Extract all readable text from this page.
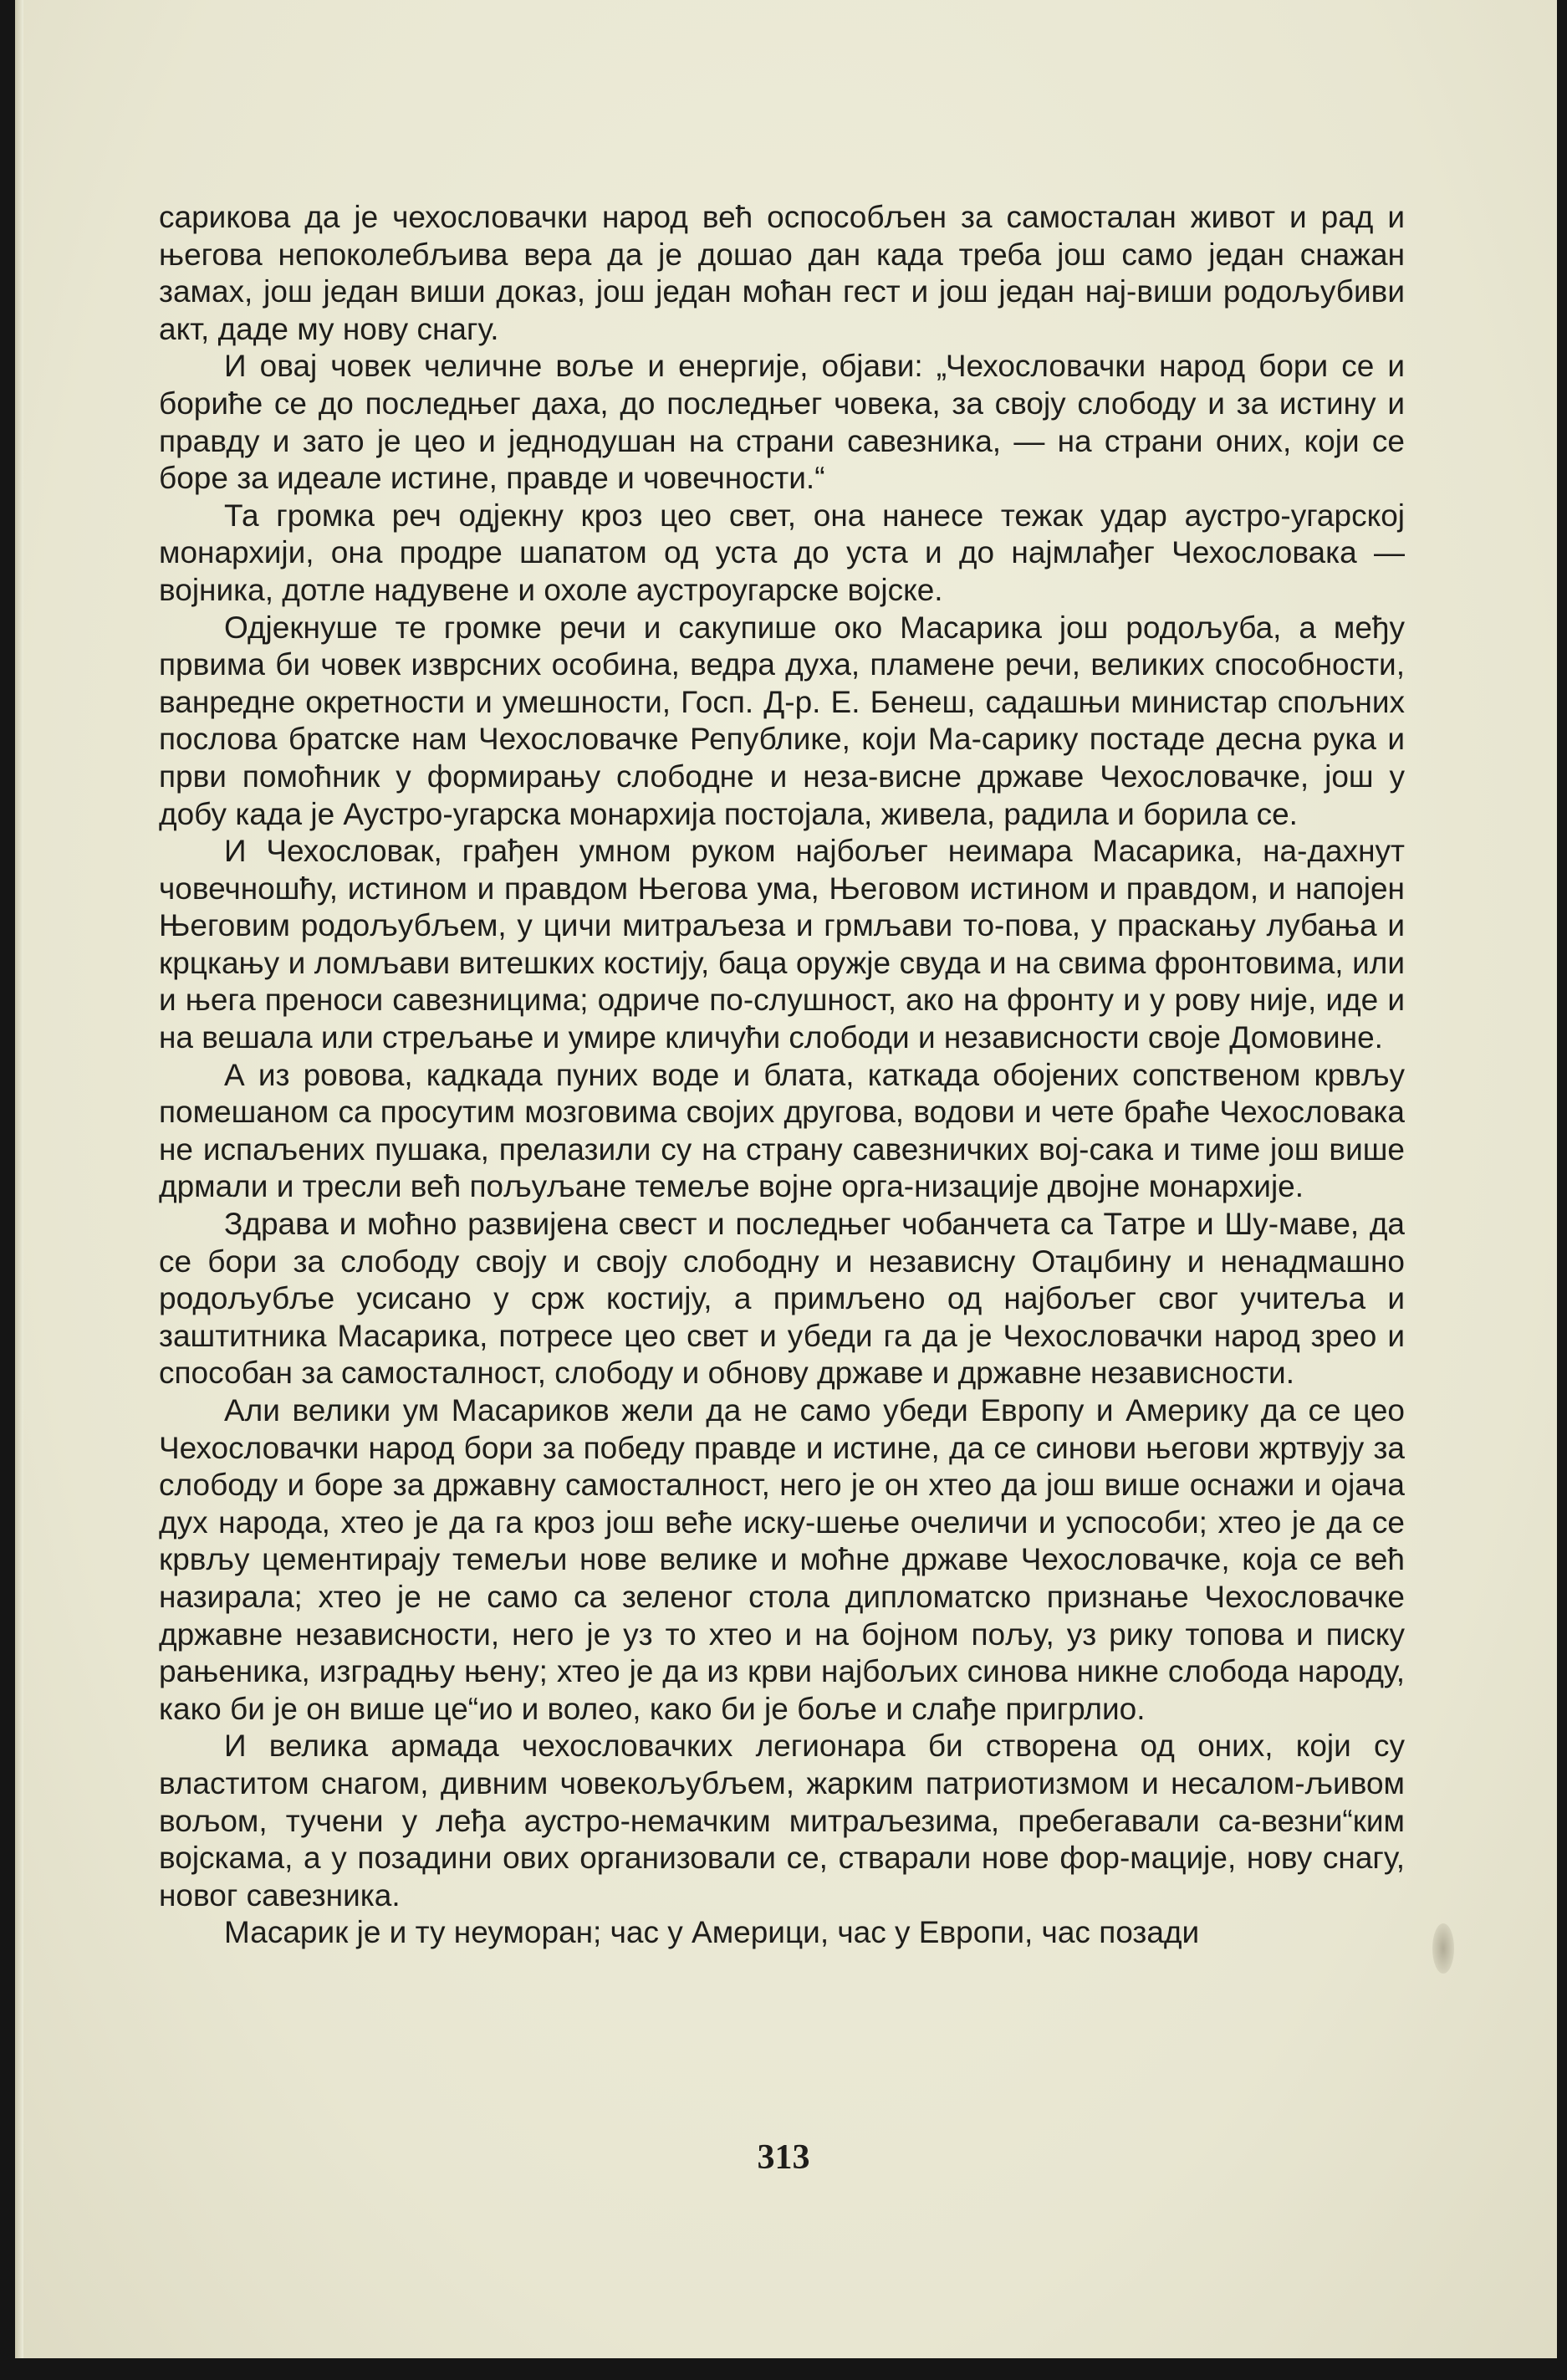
сарикова да је чехословачки народ већ оспособљен за самосталан живот и рад и његова непоколебљива вера да је дошао дан када треба још само један снажан замах, још један виши доказ, још један моћан гест и још један нај-виши родољубиви акт, даде му нову снагу.

И овај човек челичне воље и енергије, објави: „Чехословачки народ бори се и бориће се до последњег даха, до последњег човека, за своју слободу и за истину и правду и зато је цео и једнодушан на страни савезника, — на страни оних, који се боре за идеале истине, правде и човечности.“

Та громка реч одјекну кроз цео свет, она нанесе тежак удар аустро-угарској монархији, она продре шапатом од уста до уста и до најмлађег Чехословака — војника, дотле надувене и охоле аустроугарске војске.

Одјекнуше те громке речи и сакупише око Масарика још родољуба, а међу првима би човек изврсних особина, ведра духа, пламене речи, великих способности, ванредне окретности и умешности, Госп. Д-р. Е. Бенеш, садашњи министар спољних послова братске нам Чехословачке Републике, који Ма-сарику постаде десна рука и први помоћник у формирању слободне и неза-висне државе Чехословачке, још у добу када је Аустро-угарска монархија постојала, живела, радила и борила се.

И Чехословак, грађен умном руком најбољег неимара Масарика, на-дахнут човечношћу, истином и правдом Његова ума, Његовом истином и правдом, и напојен Његовим родољубљем, у цичи митраљеза и грмљави то-пова, у праскању лубања и крцкању и ломљави витешких костију, баца оружје свуда и на свима фронтовима, или и њега преноси савезницима; одриче по-слушност, ако на фронту и у рову није, иде и на вешала или стрељање и умире кличући слободи и независности своје Домовине.

А из ровова, кадкада пуних воде и блата, каткада обојених сопственом крвљу помешаном са просутим мозговима својих другова, водови и чете браће Чехословака не испаљених пушака, прелазили су на страну савезничких вој-сака и тиме још више дрмали и тресли већ пољуљане темеље војне орга-низације двојне монархије.

Здрава и моћно развијена свест и последњег чобанчета са Татре и Шу-маве, да се бори за слободу своју и своју слободну и независну Отаџбину и ненадмашно родољубље усисано у срж костију, а примљено од најбољег свог учитеља и заштитника Масарика, потресе цео свет и убеди га да је Чехословачки народ зрео и способан за самосталност, слободу и обнову државе и државне независности.

Али велики ум Масариков жели да не само убеди Европу и Америку да се цео Чехословачки народ бори за победу правде и истине, да се синови његови жртвују за слободу и боре за државну самосталност, него је он хтео да још више оснажи и ојача дух народа, хтео је да га кроз још веће иску-шење очеличи и успособи; хтео је да се крвљу цементирају темељи нове велике и моћне државе Чехословачке, која се већ назирала; хтео је не само са зеленог стола дипломатско признање Чехословачке државне независности, него је уз то хтео и на бојном пољу, уз рику топова и писку рањеника, изградњу њену; хтео је да из крви најбољих синова никне слобода народу, како би је он више це“ио и волео, како би је боље и слађе пригрлио.

И велика армада чехословачких легионара би створена од оних, који су властитом снагом, дивним човекољубљем, жарким патриотизмом и несалом-љивом вољом, тучени у леђа аустро-немачким митраљезима, пребегавали са-везни“ким војскама, а у позадини ових организовали се, стварали нове фор-мације, нову снагу, новог савезника.

Масарик је и ту неуморан; час у Америци, час у Европи, час позади

313
